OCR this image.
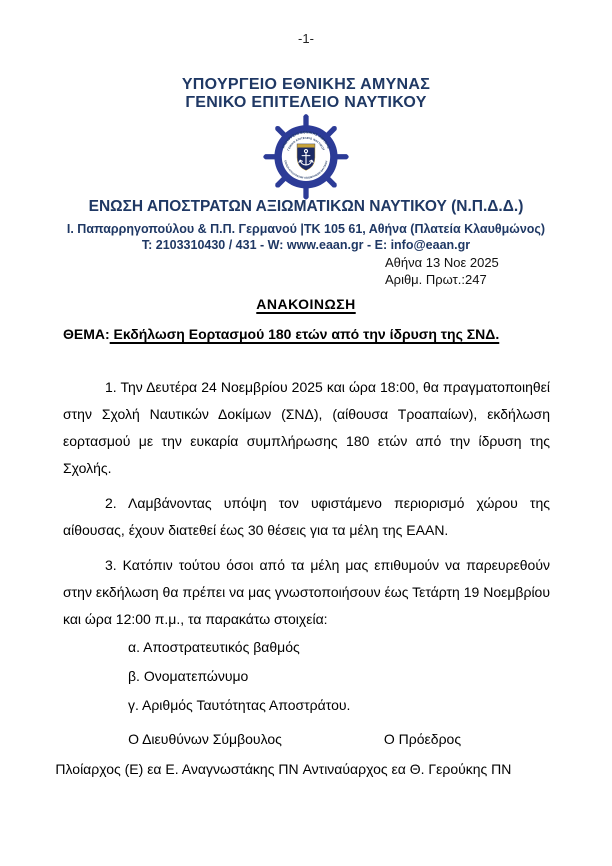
-1-
ΥΠΟΥΡΓΕΙΟ ΕΘΝΙΚΗΣ ΑΜΥΝΑΣ
ΓΕΝΙΚΟ ΕΠΙΤΕΛΕΙΟ ΝΑΥΤΙΚΟΥ
ΥΠΟΥΡΓΕΙΟ ΕΘΝΙΚΗΣ ΑΜΥΝΑΣ
ΓΕΝΙΚΟ ΕΠΙΤΕΛΕΙΟ ΝΑΥΤΙΚΟΥ
ΕΝΩΣΗ ΑΠΟΣΤΡΑΤΩΝ ΑΞΙΩΜΑΤΙΚΩΝ ΝΑΥΤΙΚΟΥ
ΕΝΩΣΗ ΑΠΟΣΤΡΑΤΩΝ ΑΞΙΩΜΑΤΙΚΩΝ ΝΑΥΤΙΚΟΥ (Ν.Π.Δ.Δ.)
Ι. Παπαρρηγοπούλου & Π.Π. Γερμανού |ΤΚ 105 61, Αθήνα (Πλατεία Κλαυθμώνος)
Τ: 2103310430 / 431 - W: www.eaan.gr - E: info@eaan.gr
Αθήνα 13 Νοε 2025
Αριθμ. Πρωτ.:247
ΑΝΑΚΟΙΝΩΣΗ
ΘΕΜΑ: Εκδήλωση Εορτασμού 180 ετών από την ίδρυση της ΣΝΔ.

1. Την Δευτέρα 24 Νοεμβρίου 2025 και ώρα 18:00, θα πραγματοποιηθεί στην Σχολή Ναυτικών Δοκίμων (ΣΝΔ), (αίθουσα Τροαπαίων), εκδήλωση εορτασμού με την ευκαρία συμπλήρωσης 180 ετών από την ίδρυση της Σχολής.

2. Λαμβάνοντας υπόψη τον υφιστάμενο περιορισμό χώρου της αίθουσας, έχουν διατεθεί έως 30 θέσεις για τα μέλη της ΕΑΑΝ.

3. Κατόπιν τούτου όσοι από τα μέλη μας επιθυμούν να παρευρεθούν στην εκδήλωση θα πρέπει να μας γνωστοποιήσουν έως Τετάρτη 19 Νοεμβρίου και ώρα 12:00 π.μ., τα παρακάτω στοιχεία:

α. Αποστρατευτικός βαθμός
β. Ονοματεπώνυμο
γ. Αριθμός Ταυτότητας Αποστράτου.
Ο Διευθύνων Σύμβουλος	Ο Πρόεδρος
Πλοίαρχος (Ε) εα Ε. Αναγνωστάκης ΠΝ Αντιναύαρχος εα Θ. Γερούκης ΠΝ
